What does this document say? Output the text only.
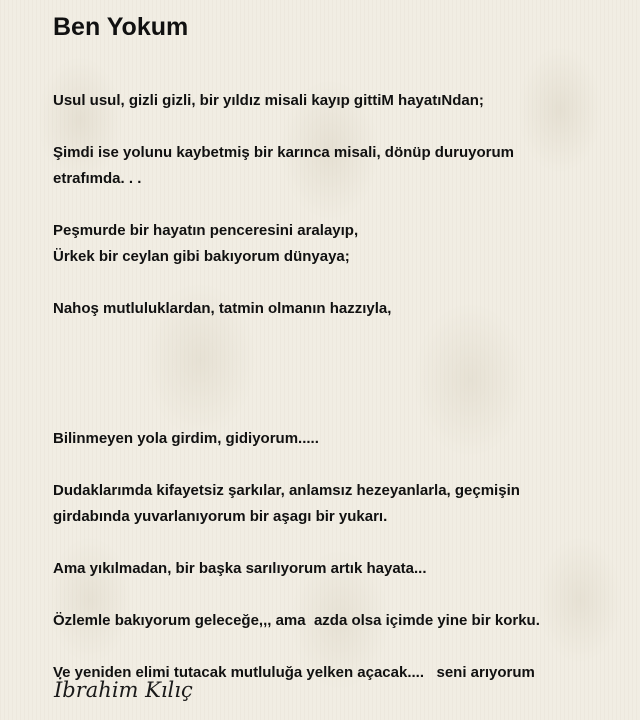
Ben Yokum

Usul usul, gizli gizli, bir yıldız misali kayıp gittiM hayatıNdan;

Şimdi ise yolunu kaybetmiş bir karınca misali, dönüp duruyorum
etrafımda. . .

Peşmurde bir hayatın penceresini aralayıp,
Ürkek bir ceylan gibi bakıyorum dünyaya;

Nahoş mutluluklardan, tatmin olmanın hazzıyla,

Bilinmeyen yola girdim, gidiyorum.....

Dudaklarımda kifayetsiz şarkılar, anlamsız hezeyanlarla, geçmişin
girdabında yuvarlanıyorum bir aşagı bir yukarı.

Ama yıkılmadan, bir başka sarılıyorum artık hayata...

Özlemle bakıyorum geleceğe,,, ama  azda olsa içimde yine bir korku.

Ve yeniden elimi tutacak mutluluğa yelken açacak....   seni arıyorum

İbrahim Kılıç
